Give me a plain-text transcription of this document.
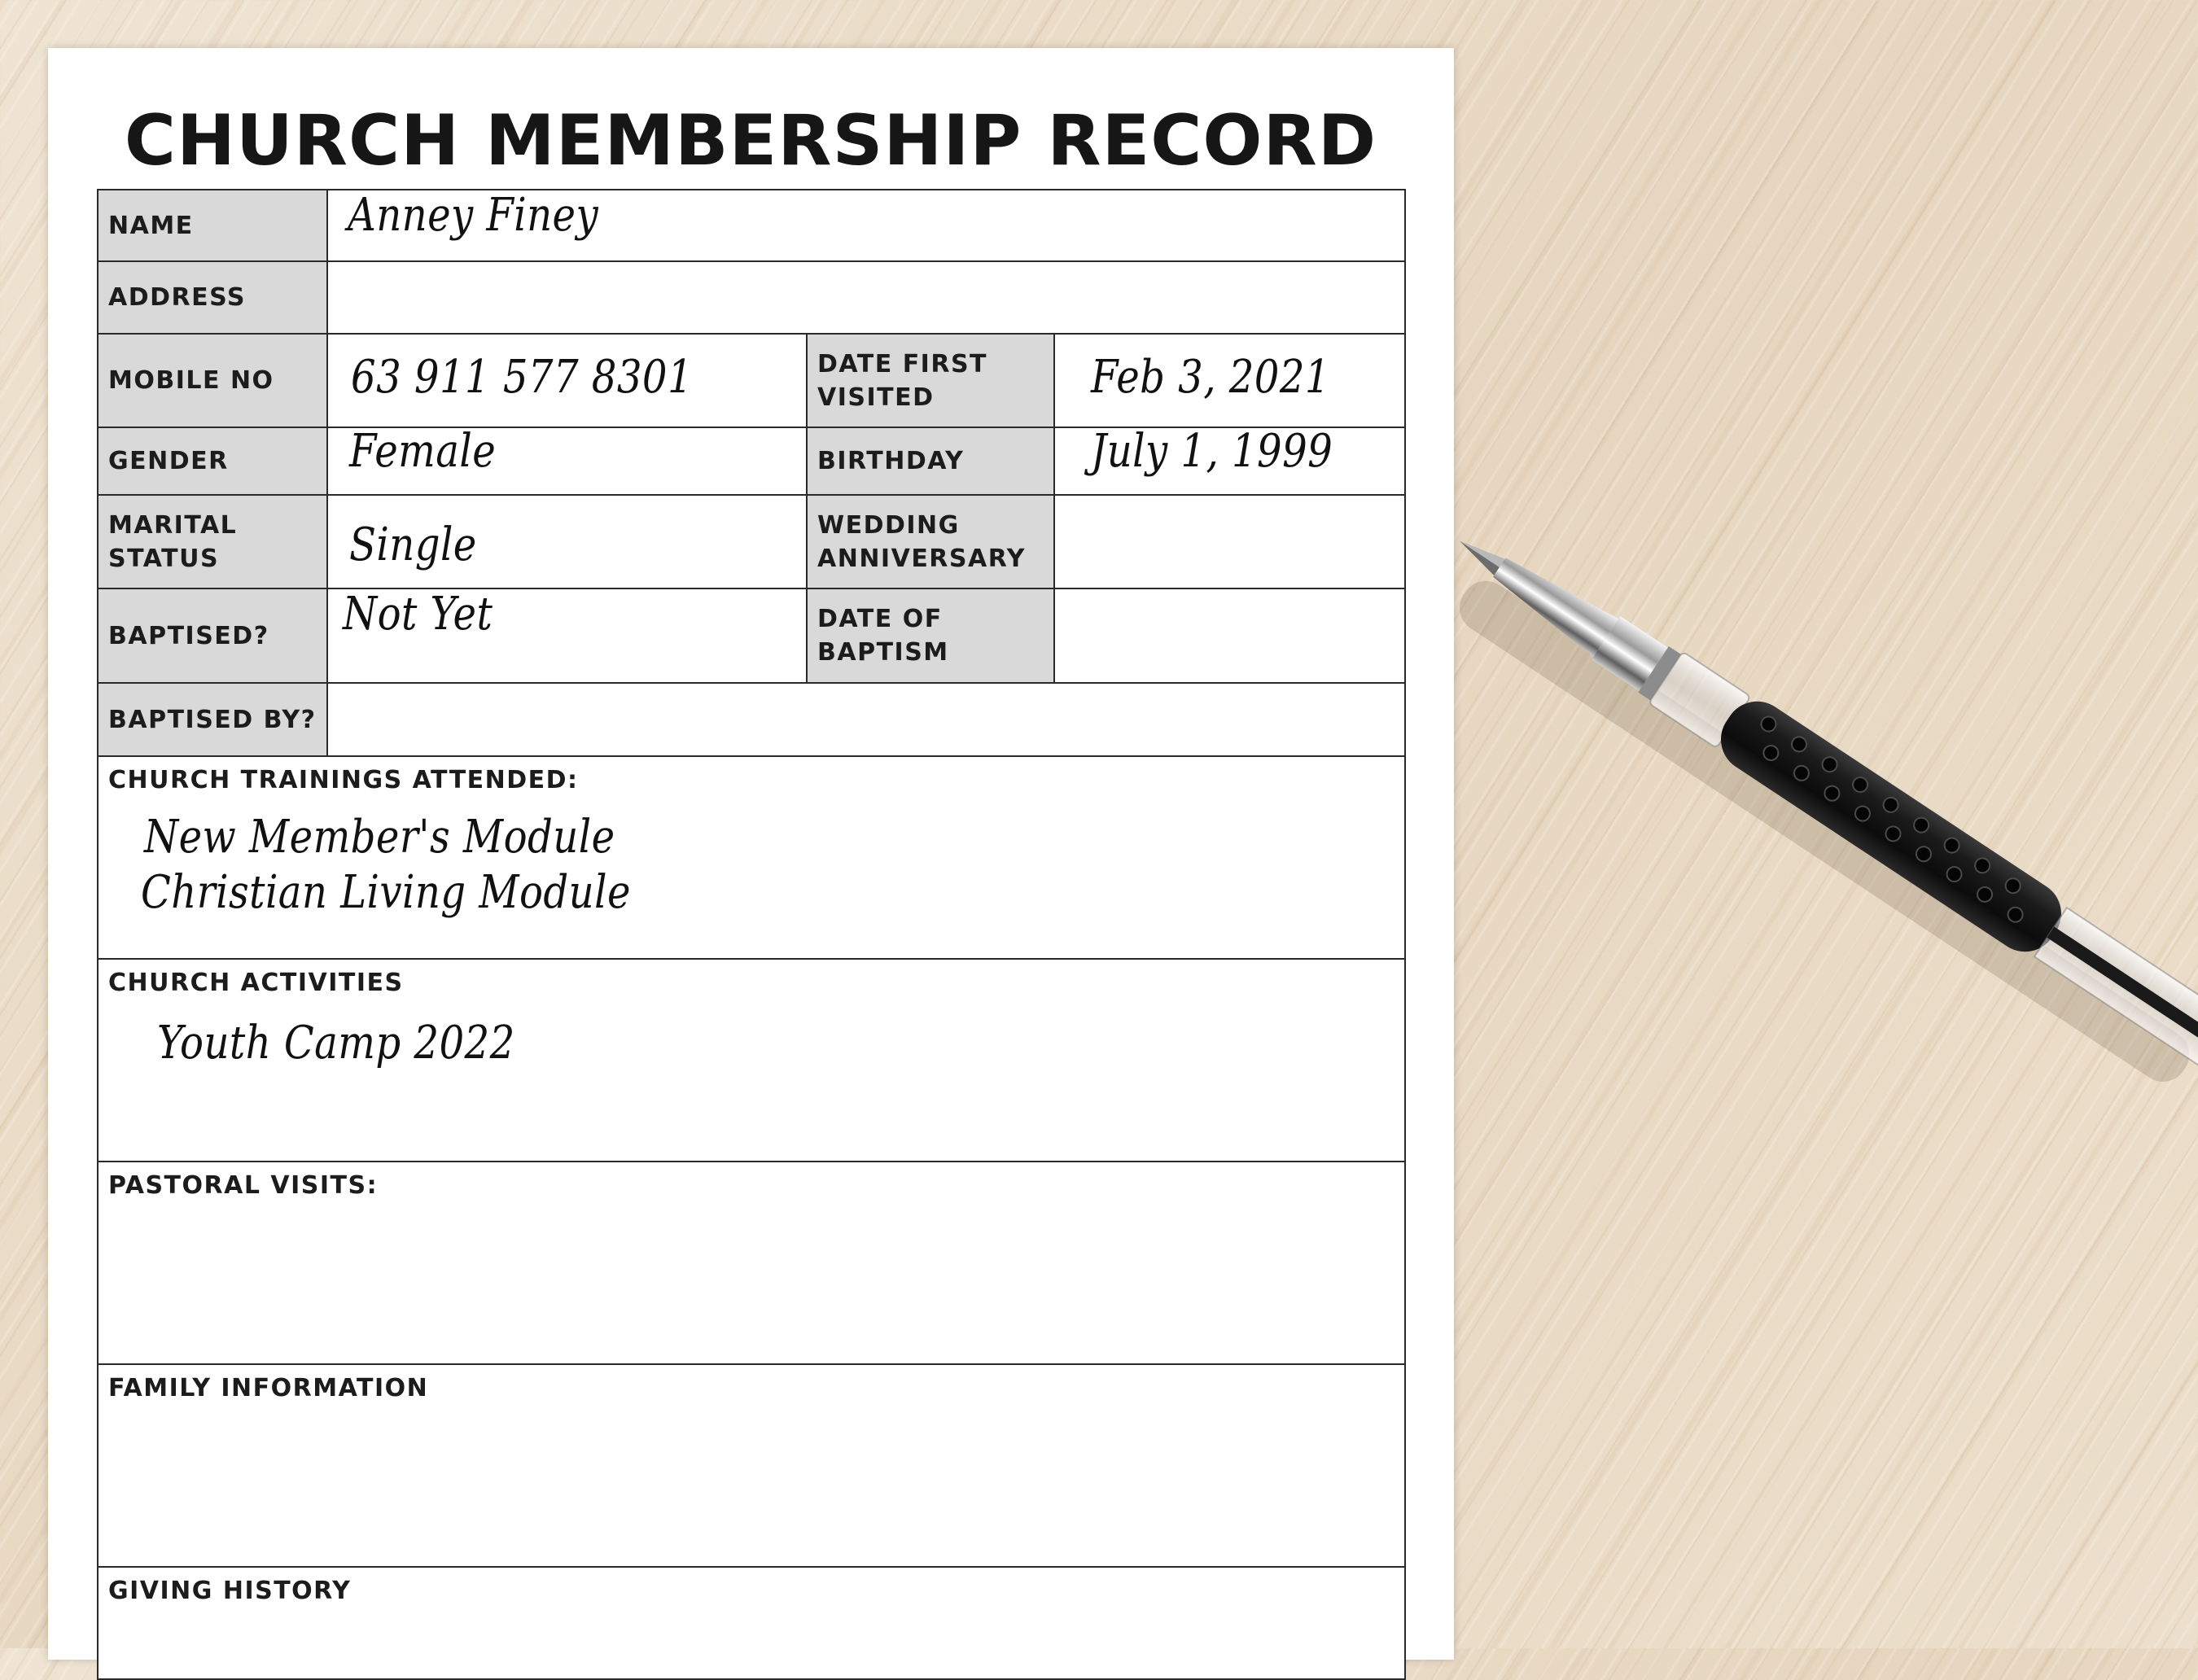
CHURCH MEMBERSHIP RECORD
NAME	Anney Finey
ADDRESS
MOBILE NO 63 911 577 8301	DATE FIRST VISITED	Feb 3, 2021
GENDER	Female	BIRTHDAY	July 1, 1999
MARITAL STATUS	Single	WEDDING ANNIVERSARY
BAPTISED? Not Yet	DATE OF BAPTISM
BAPTISED BY?
CHURCH TRAININGS ATTENDED:
New Member's Module
Christian Living Module
CHURCH ACTIVITIES
Youth Camp 2022
PASTORAL VISITS:
FAMILY INFORMATION
GIVING HISTORY
